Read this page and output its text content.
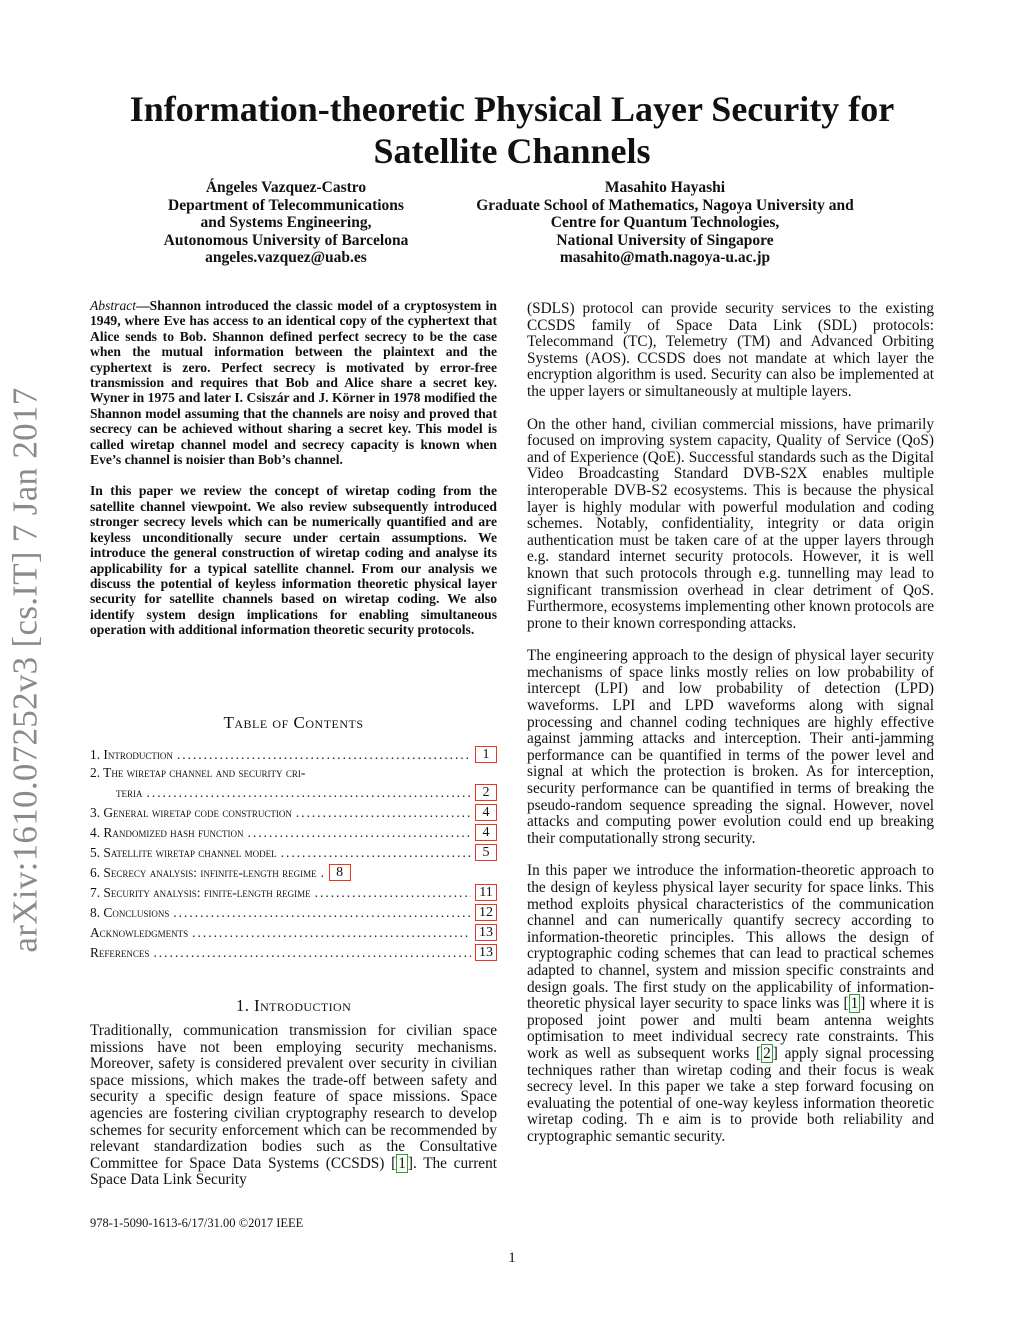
arXiv:1610.07252v3 [cs.IT] 7 Jan 2017
Information-theoretic Physical Layer Security for Satellite Channels
Ángeles Vazquez-Castro
Department of Telecommunications
and Systems Engineering,
Autonomous University of Barcelona
angeles.vazquez@uab.es
Masahito Hayashi
Graduate School of Mathematics, Nagoya University and
Centre for Quantum Technologies,
National University of Singapore
masahito@math.nagoya-u.ac.jp

Abstract—Shannon introduced the classic model of a cryptosystem in 1949, where Eve has access to an identical copy of the cyphertext that Alice sends to Bob. Shannon defined perfect secrecy to be the case when the mutual information between the plaintext and the cyphertext is zero. Perfect secrecy is motivated by error-free transmission and requires that Bob and Alice share a secret key. Wyner in 1975 and later I. Csiszár and J. Körner in 1978 modified the Shannon model assuming that the channels are noisy and proved that secrecy can be achieved without sharing a secret key. This model is called wiretap channel model and secrecy capacity is known when Eve’s channel is noisier than Bob’s channel.

In this paper we review the concept of wiretap coding from the satellite channel viewpoint. We also review subsequently introduced stronger secrecy levels which can be numerically quantified and are keyless unconditionally secure under certain assumptions. We introduce the general construction of wiretap coding and analyse its applicability for a typical satellite channel. From our analysis we discuss the potential of keyless information theoretic physical layer security for satellite channels based on wiretap coding. We also identify system design implications for enabling simultaneous operation with additional information theoretic security protocols.

Table of Contents
1. Introduction .....	1
2. The wiretap channel and security cri-
teria .....	2
3. General wiretap code construction .....	4
4. Randomized hash function .....	4
5. Satellite wiretap channel model .....	5
6. Secrecy analysis: infinite-length regime .....	8
7. Security analysis: finite-length regime .....	11
8. Conclusions .....	12
Acknowledgments .....	13
References .....	13
1. Introduction

Traditionally, communication transmission for civilian space missions have not been employing security mechanisms. Moreover, safety is considered prevalent over security in civilian space missions, which makes the trade-off between safety and security a specific design feature of space missions. Space agencies are fostering civilian cryptography research to develop schemes for security enforcement which can be recommended by relevant standardization bodies such as the Consultative Committee for Space Data Systems (CCSDS) [ 1 ]. The current Space Data Link Security

(SDLS) protocol can provide security services to the existing CCSDS family of Space Data Link (SDL) protocols: Telecommand (TC), Telemetry (TM) and Advanced Orbiting Systems (AOS). CCSDS does not mandate at which layer the encryption algorithm is used. Security can also be implemented at the upper layers or simultaneously at multiple layers.

On the other hand, civilian commercial missions, have primarily focused on improving system capacity, Quality of Service (QoS) and of Experience (QoE). Successful standards such as the Digital Video Broadcasting Standard DVB-S2X enables multiple interoperable DVB-S2 ecosystems. This is because the physical layer is highly modular with powerful modulation and coding schemes. Notably, confidentiality, integrity or data origin authentication must be taken care of at the upper layers through e.g. standard internet security protocols. However, it is well known that such protocols through e.g. tunnelling may lead to significant transmission overhead in clear detriment of QoS. Furthermore, ecosystems implementing other known protocols are prone to their known corresponding attacks.

The engineering approach to the design of physical layer security mechanisms of space links mostly relies on low probability of intercept (LPI) and low probability of detection (LPD) waveforms. LPI and LPD waveforms along with signal processing and channel coding techniques are highly effective against jamming attacks and interception. Their anti-jamming performance can be quantified in terms of the power level and signal at which the protection is broken. As for interception, security performance can be quantified in terms of breaking the pseudo-random sequence spreading the signal. However, novel attacks and computing power evolution could end up breaking their computationally strong security.

In this paper we introduce the information-theoretic approach to the design of keyless physical layer security for space links. This method exploits physical characteristics of the communication channel and can numerically quantify secrecy according to information-theoretic principles. This allows the design of cryptographic coding schemes that can lead to practical schemes adapted to channel, system and mission specific constraints and design goals. The first study on the applicability of information-theoretic physical layer security to space links was [ 1 ] where it is proposed joint power and multi beam antenna weights optimisation to meet individual secrecy rate constraints. This work as well as subsequent works [ 2 ] apply signal processing techniques rather than wiretap coding and their focus is weak secrecy level. In this paper we take a step forward focusing on evaluating the potential of one-way keyless information theoretic wiretap coding. Th e aim is to provide both reliability and cryptographic semantic security.

978-1-5090-1613-6/17/31.00 ©2017 IEEE
1
